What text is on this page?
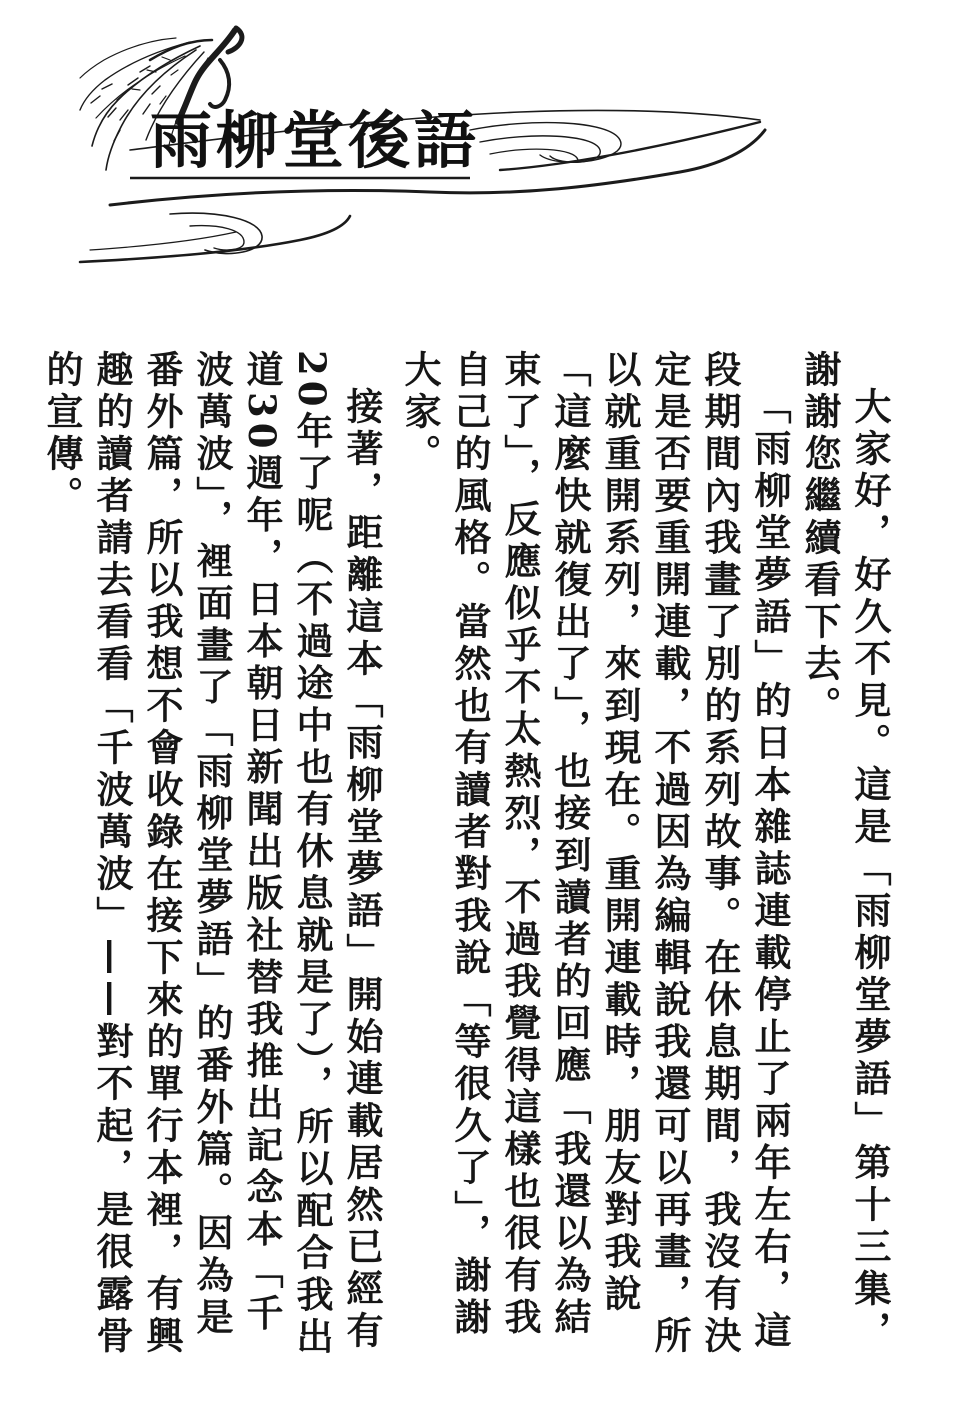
雨柳堂後語

大家好，好久不見。這是「雨柳堂夢語」第十三集，謝謝您繼續看下去。

「雨柳堂夢語」的日本雜誌連載停止了兩年左右，這段期間內我畫了別的系列故事。在休息期間，我沒有決定是否要重開連載，不過因為編輯說我還可以再畫，所以就重開系列，來到現在。重開連載時，朋友對我說「這麼快就復出了」，也接到讀者的回應「我還以為結束了」，反應似乎不太熱烈，不過我覺得這樣也很有我自己的風格。當然也有讀者對我說「等很久了」，謝謝大家。

接著，距離這本「雨柳堂夢語」開始連載居然已經有20年了呢（不過途中也有休息就是了），所以配合我出道30週年，日本朝日新聞出版社替我推出記念本「千波萬波」，裡面畫了「雨柳堂夢語」的番外篇。因為是番外篇，所以我想不會收錄在接下來的單行本裡，有興趣的讀者請去看看「千波萬波」——對不起，是很露骨的宣傳。
